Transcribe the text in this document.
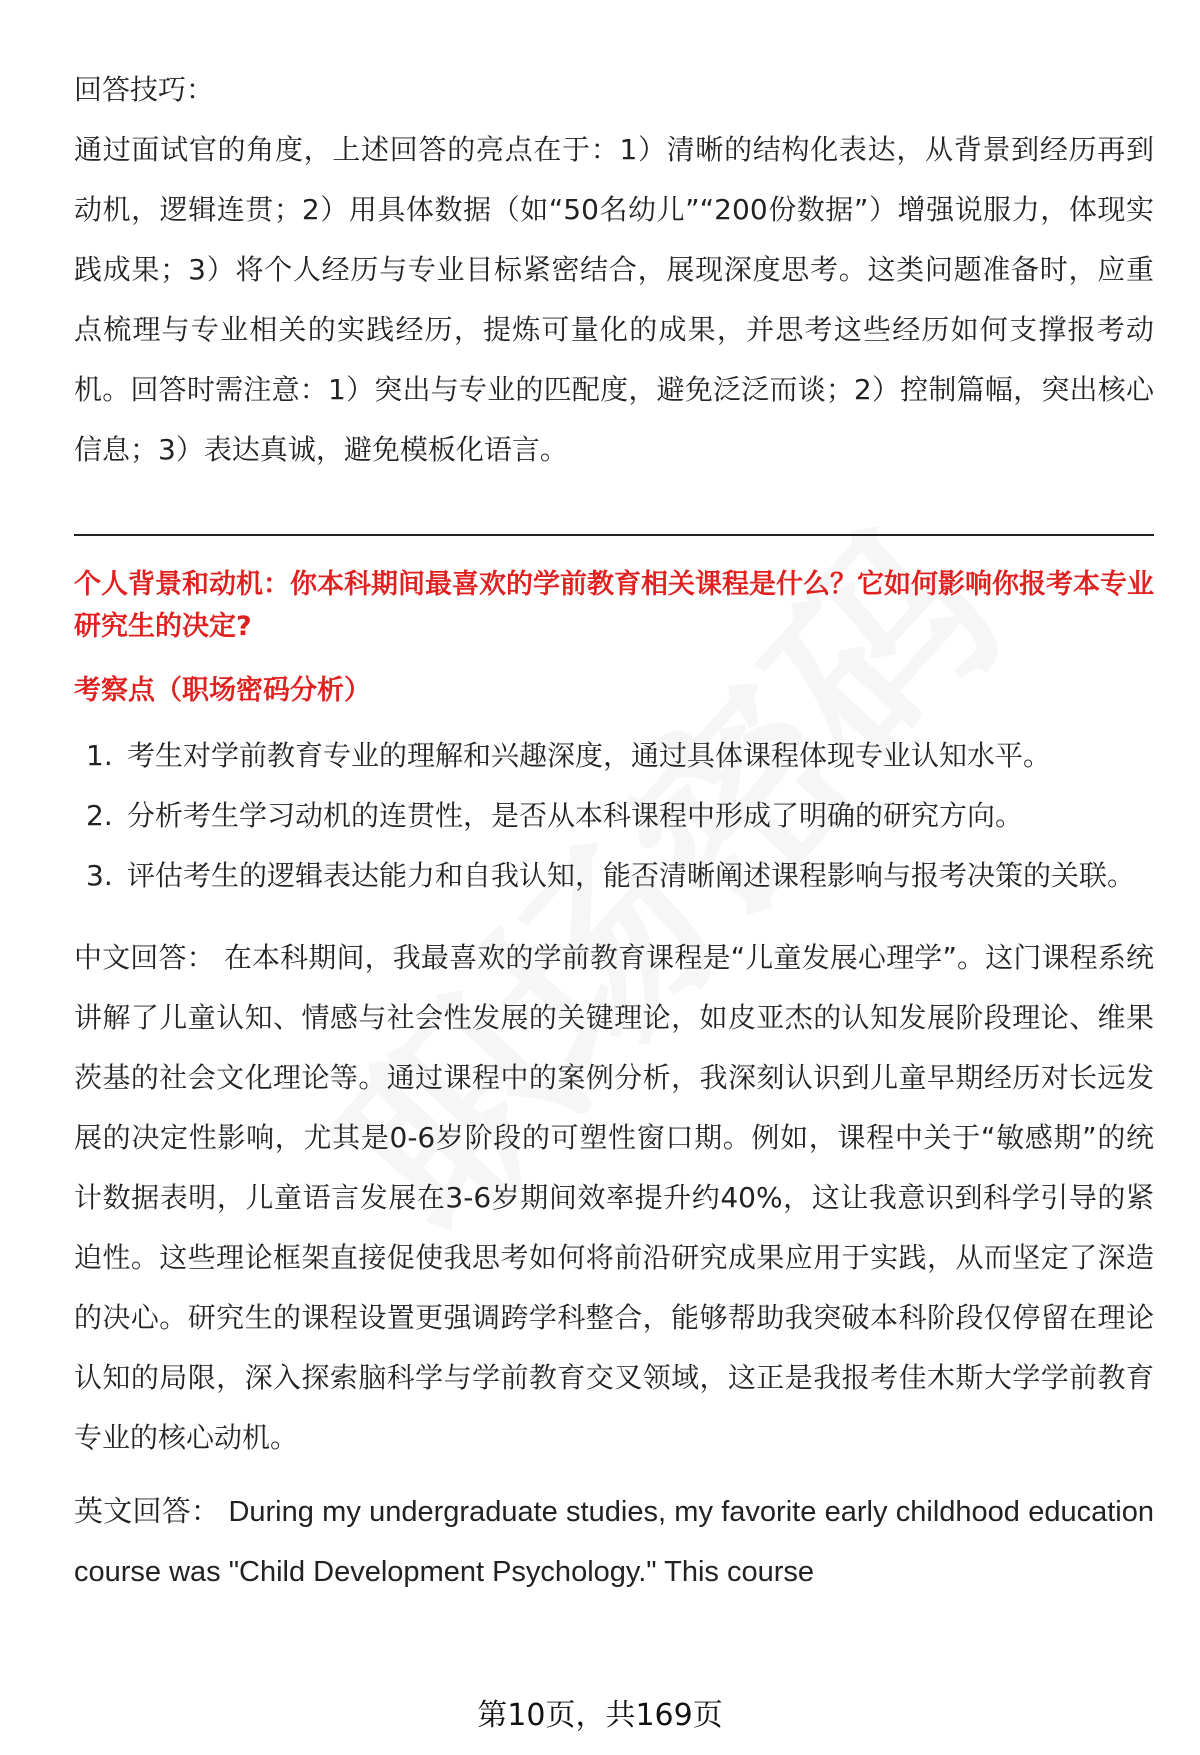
回答技巧：

通过面试官的角度，上述回答的亮点在于：1）清晰的结构化表达，从背景到经历再到动机，逻辑连贯；2）用具体数据（如“50名幼儿”“200份数据”）增强说服力，体现实践成果；3）将个人经历与专业目标紧密结合，展现深度思考。这类问题准备时，应重点梳理与专业相关的实践经历，提炼可量化的成果，并思考这些经历如何支撑报考动机。回答时需注意：1）突出与专业的匹配度，避免泛泛而谈；2）控制篇幅，突出核心信息；3）表达真诚，避免模板化语言。

个人背景和动机：你本科期间最喜欢的学前教育相关课程是什么？它如何影响你报考本专业研究生的决定?

考察点（职场密码分析）

1. 考生对学前教育专业的理解和兴趣深度，通过具体课程体现专业认知水平。
2. 分析考生学习动机的连贯性，是否从本科课程中形成了明确的研究方向。
3. 评估考生的逻辑表达能力和自我认知，能否清晰阐述课程影响与报考决策的关联。

中文回答： 在本科期间，我最喜欢的学前教育课程是“儿童发展心理学”。这门课程系统讲解了儿童认知、情感与社会性发展的关键理论，如皮亚杰的认知发展阶段理论、维果茨基的社会文化理论等。通过课程中的案例分析，我深刻认识到儿童早期经历对长远发展的决定性影响，尤其是0-6岁阶段的可塑性窗口期。例如，课程中关于“敏感期”的统计数据表明，儿童语言发展在3-6岁期间效率提升约40%，这让我意识到科学引导的紧迫性。这些理论框架直接促使我思考如何将前沿研究成果应用于实践，从而坚定了深造的决心。研究生的课程设置更强调跨学科整合，能够帮助我突破本科阶段仅停留在理论认知的局限，深入探索脑科学与学前教育交叉领域，这正是我报考佳木斯大学学前教育专业的核心动机。

英文回答： During my undergraduate studies, my favorite early childhood education course was "Child Development Psychology." This course

第10页，共169页
